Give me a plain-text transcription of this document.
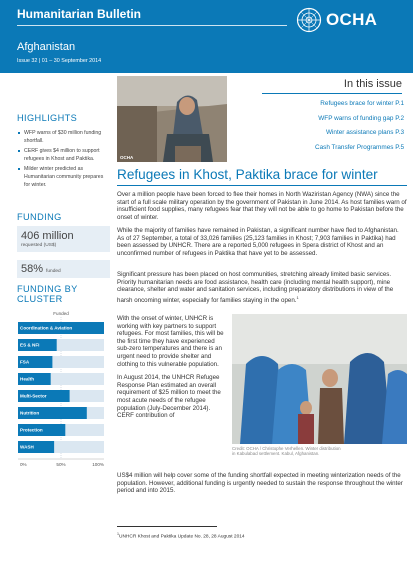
Humanitarian Bulletin
Afghanistan
Issue 32 | 01 – 30 September 2014
OCHA
OCHA
In this issue
Refugees brace for winter P.1
WFP warns of funding gap P.2
Winter assistance plans P.3
Cash Transfer Programmes P.5
HIGHLIGHTS
WFP warns of $30 million funding shortfall.
CERF gives $4 million to support refugees in Khost and Paktika.
Milder winter predicted as Humanitarian community prepares for winter.
FUNDING
406 million
requested (US$)
58% funded
FUNDING BY CLUSTER
Funded
Coordination & Aviation
ES & NFI
FSA
Health
Multi-Sector
Nutrition
Protection
WASH
0%	50%	100%
Refugees in Khost, Paktika brace for winter
Over a million people have been forced to flee their homes in North Waziristan Agency (NWA) since the start of a full scale military operation by the government of Pakistan in June 2014. As host families warn of insufficient food supplies, many refugees fear that they will not be able to go home to Pakistan before the onset of winter.
While the majority of families have remained in Pakistan, a significant number have fled to Afghanistan. As of 27 September, a total of 33,026 families (25,123 families in Khost; 7,903 families in Paktika) had been assessed by UNHCR. There are a reported 5,000 refugees in Spera district of Khost and an unconfirmed number of refugees in Paktika that have yet to be assessed.
Significant pressure has been placed on host communities, stretching already limited basic services. Priority humanitarian needs are food assistance, health care (including mental health support), mine clearance, shelter and water and sanitation services, including preparatory distributions in view of the harsh oncoming winter, especially for families staying in the open.$^1$

With the onset of winter, UNHCR is working with key partners to support refugees. For most families, this will be the first time they have experienced sub-zero temperatures and there is an urgent need to provide shelter and clothing to this vulnerable population.

In August 2014, the UNHCR Refugee Response Plan estimated an overall requirement of $25 million to meet the most acute needs of the refugee population (July-December 2014). CERF contribution of

Credit: OCHA / Christophe Verhellen. Winter distribution in Kabulabad settlement. Kabul, Afghanistan.
US$4 million will help cover some of the funding shortfall expected in meeting winterization needs of the population. However, additional funding is urgently needed to sustain the response throughout the winter period and into 2015.
$^1$UNHCR Khost and Paktika Update No. 28, 28 August 2014
